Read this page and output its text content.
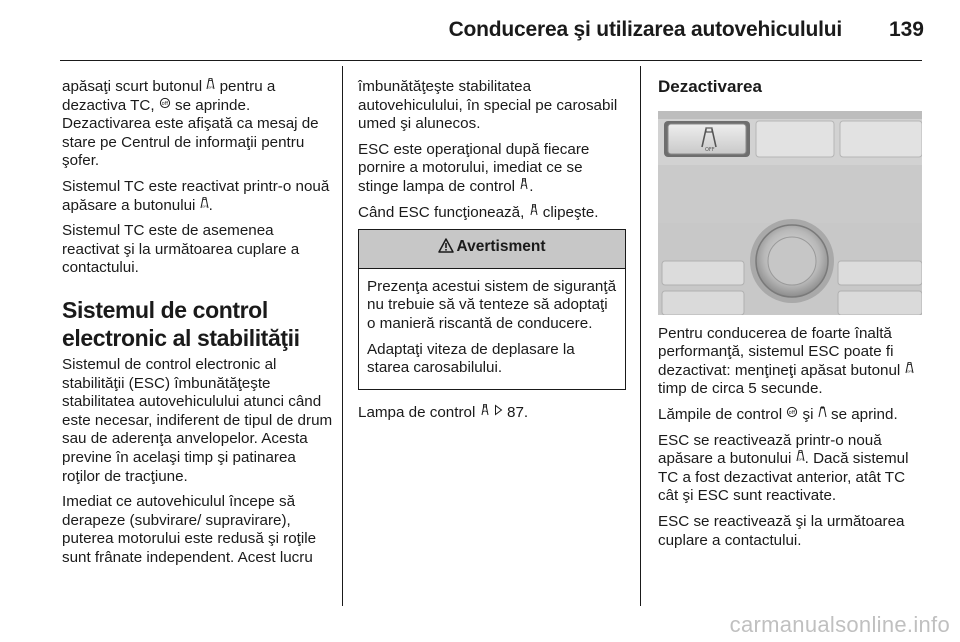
Conducerea şi utilizarea autovehiculului 139

apăsaţi scurt butonul OFF pentru a dezactiva TC, off se aprinde. Dezactivarea este afişată ca mesaj de stare pe Centrul de informaţii pentru şofer.

Sistemul TC este reactivat printr-o nouă apăsare a butonului OFF .

Sistemul TC este de asemenea reactivat şi la următoarea cuplare a contactului.

Sistemul de control electronic al stabilităţii

Sistemul de control electronic al stabilităţii (ESC) îmbunătăţeşte stabilitatea autovehiculului atunci când este necesar, indiferent de tipul de drum sau de aderenţa anvelopelor. Acesta previne în acelaşi timp şi patinarea roţilor de tracţiune.

Imediat ce autovehiculul începe să derapeze (subvirare/ supravirare), puterea motorului este redusă şi roţile sunt frânate independent. Acest lucru

îmbunătăţeşte stabilitatea autovehiculului, în special pe carosabil umed şi alunecos.

ESC este operaţional după fiecare pornire a motorului, imediat ce se stinge lampa de control .

Când ESC funcţionează,  clipeşte.

Avertisment

Prezenţa acestui sistem de siguranţă nu trebuie să vă tenteze să adoptaţi o manieră riscantă de conducere.

Adaptaţi viteza de deplasare la starea carosabilului.

Lampa de control   87.

Dezactivarea
OFF

Pentru conducerea de foarte înaltă performanţă, sistemul ESC poate fi dezactivat: menţineţi apăsat butonul OFF
timp de circa 5 secunde.

Lămpile de control off şi  se aprind.

ESC se reactivează printr-o nouă apăsare a butonului OFF . Dacă sistemul TC a fost dezactivat anterior, atât TC cât şi ESC sunt reactivate.

ESC se reactivează şi la următoarea cuplare a contactului.

carmanualsonline.info
